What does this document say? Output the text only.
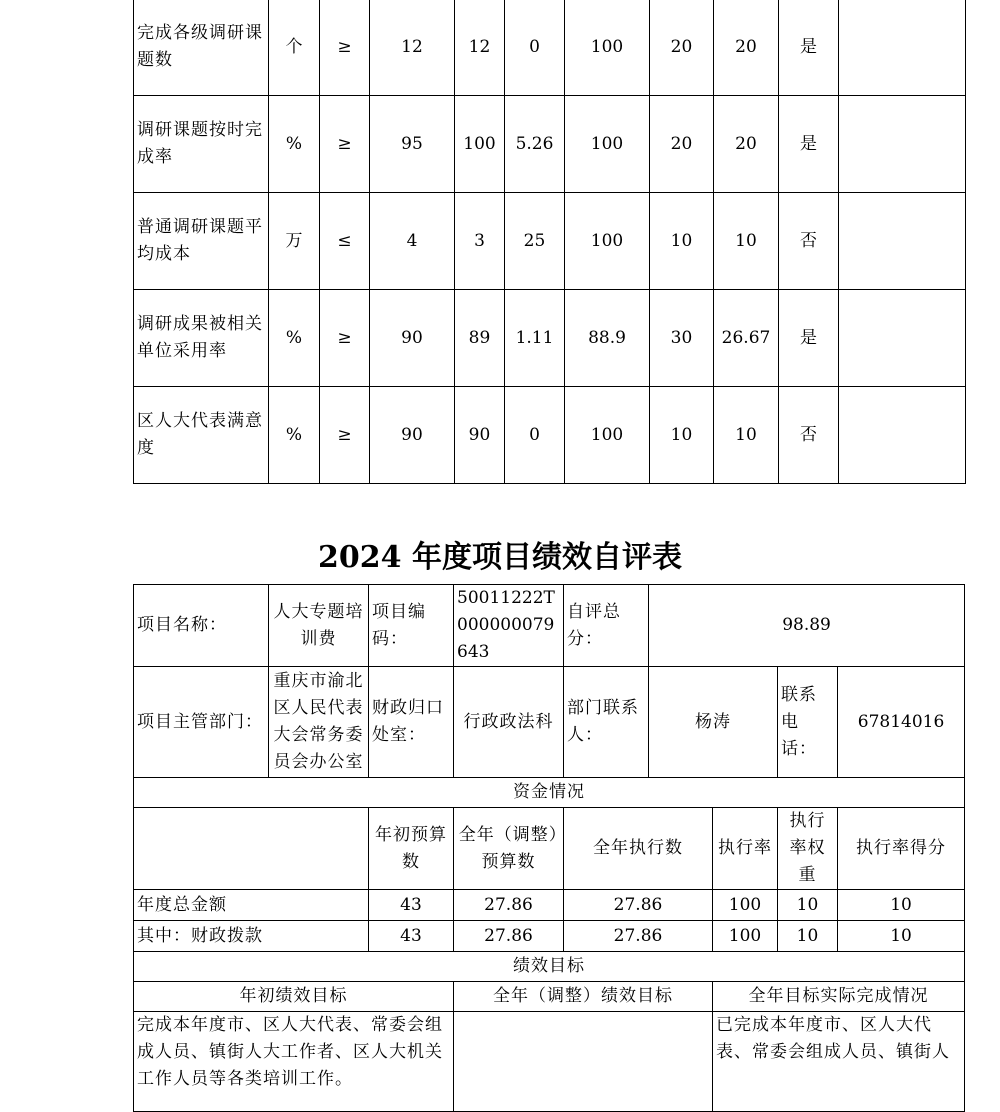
完成各级调研课题数	个	≥	12	12	0	100	20	20	是	
调研课题按时完成率	%	≥	95	100	5.26	100	20	20	是	
普通调研课题平均成本	万	≤	4	3	25	100	10	10	否	
调研成果被相关单位采用率	%	≥	90	89	1.11	88.9	30	26.67	是	
区人大代表满意度	%	≥	90	90	0	100	10	10	否	
2024 年度项目绩效自评表
项目名称：	人大专题培训费	项目编码：	50011222T000000079643	自评总分：	98.89			
项目主管部门：	重庆市渝北区人民代表大会常务委员会办公室	财政归口处室：	行政政法科	部门联系人：	杨涛		联系电话：	67814016
资金情况								
		年初预算数	全年（调整）预算数	全年执行数		执行率	执行率权重	执行率得分
年度总金额		43	27.86	27.86		100	10	10
其中：财政拨款		43	27.86	27.86		100	10	10
绩效目标								
年初绩效目标			全年（调整）绩效目标			全年目标实际完成情况		
完成本年度市、区人大代表、常委会组成人员、镇街人大工作者、区人大机关工作人员等各类培训工作。						已完成本年度市、区人大代表、常委会组成人员、镇街人		
